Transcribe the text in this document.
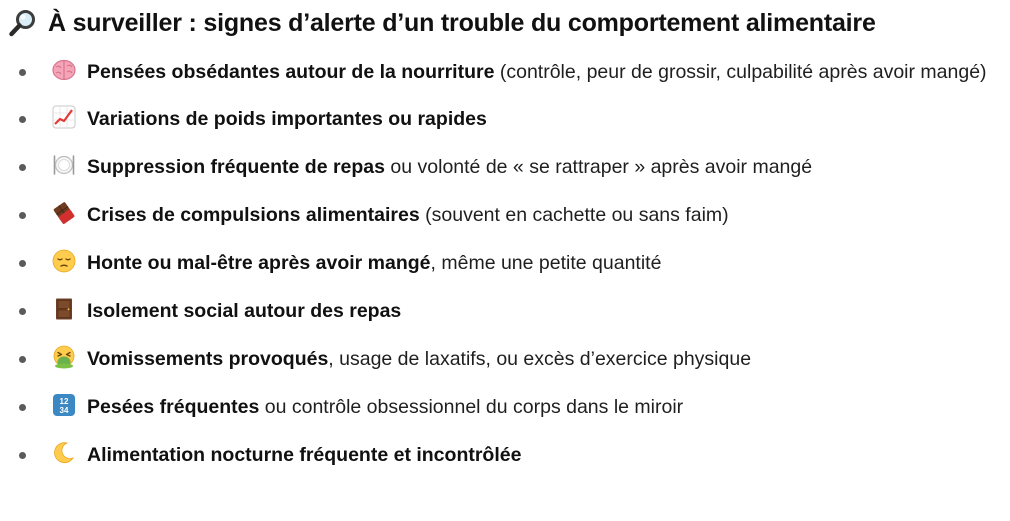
À surveiller : signes d’alerte d’un trouble du comportement alimentaire
Pensées obsédantes autour de la nourriture (contrôle, peur de grossir, culpabilité après avoir mangé)
Variations de poids importantes ou rapides
Suppression fréquente de repas ou volonté de « se rattraper » après avoir mangé
Crises de compulsions alimentaires (souvent en cachette ou sans faim)
Honte ou mal-être après avoir mangé, même une petite quantité
Isolement social autour des repas
Vomissements provoqués, usage de laxatifs, ou excès d’exercice physique
12
34 Pesées fréquentes ou contrôle obsessionnel du corps dans le miroir
Alimentation nocturne fréquente et incontrôlée
